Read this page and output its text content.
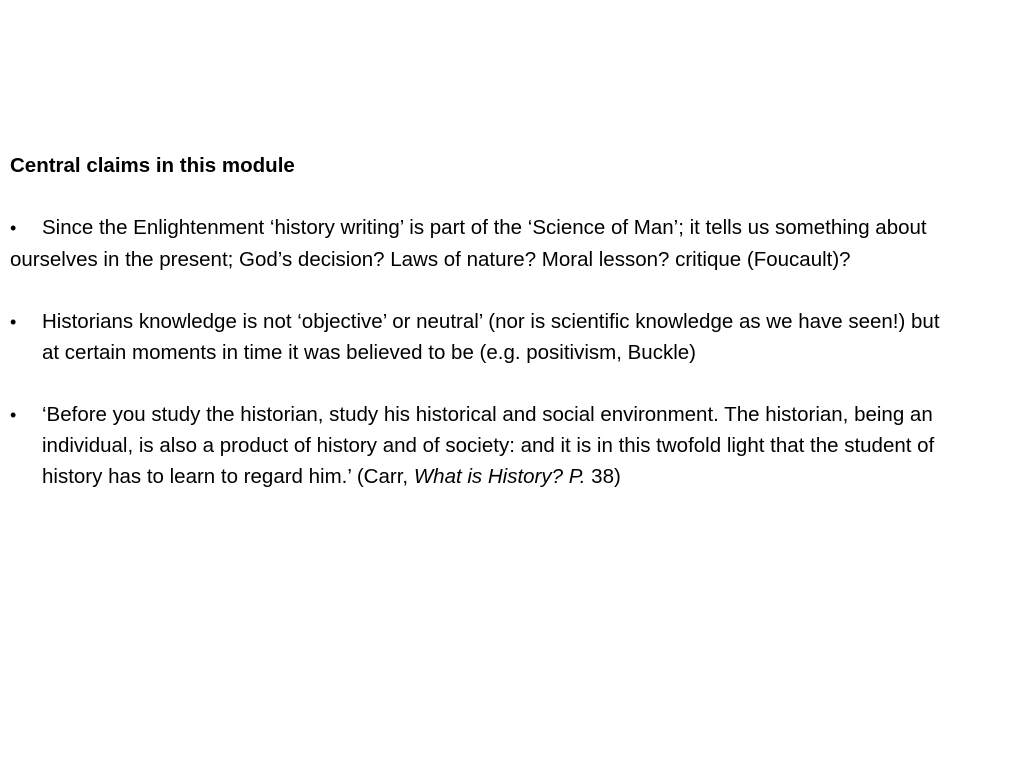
Central claims in this module

• Since the Enlightenment ‘history writing’ is part of the ‘Science of Man’; it tells us something about ourselves in the present; God’s decision? Laws of nature? Moral lesson? critique (Foucault)?

•	Historians knowledge is not ‘objective’ or neutral’ (nor is scientific knowledge as we have seen!) but at certain moments in time it was believed to be (e.g. positivism, Buckle)

•	‘Before you study the historian, study his historical and social environment. The historian, being an individual, is also a product of history and of society: and it is in this twofold light that the student of history has to learn to regard him.’ (Carr, What is History? P. 38)
